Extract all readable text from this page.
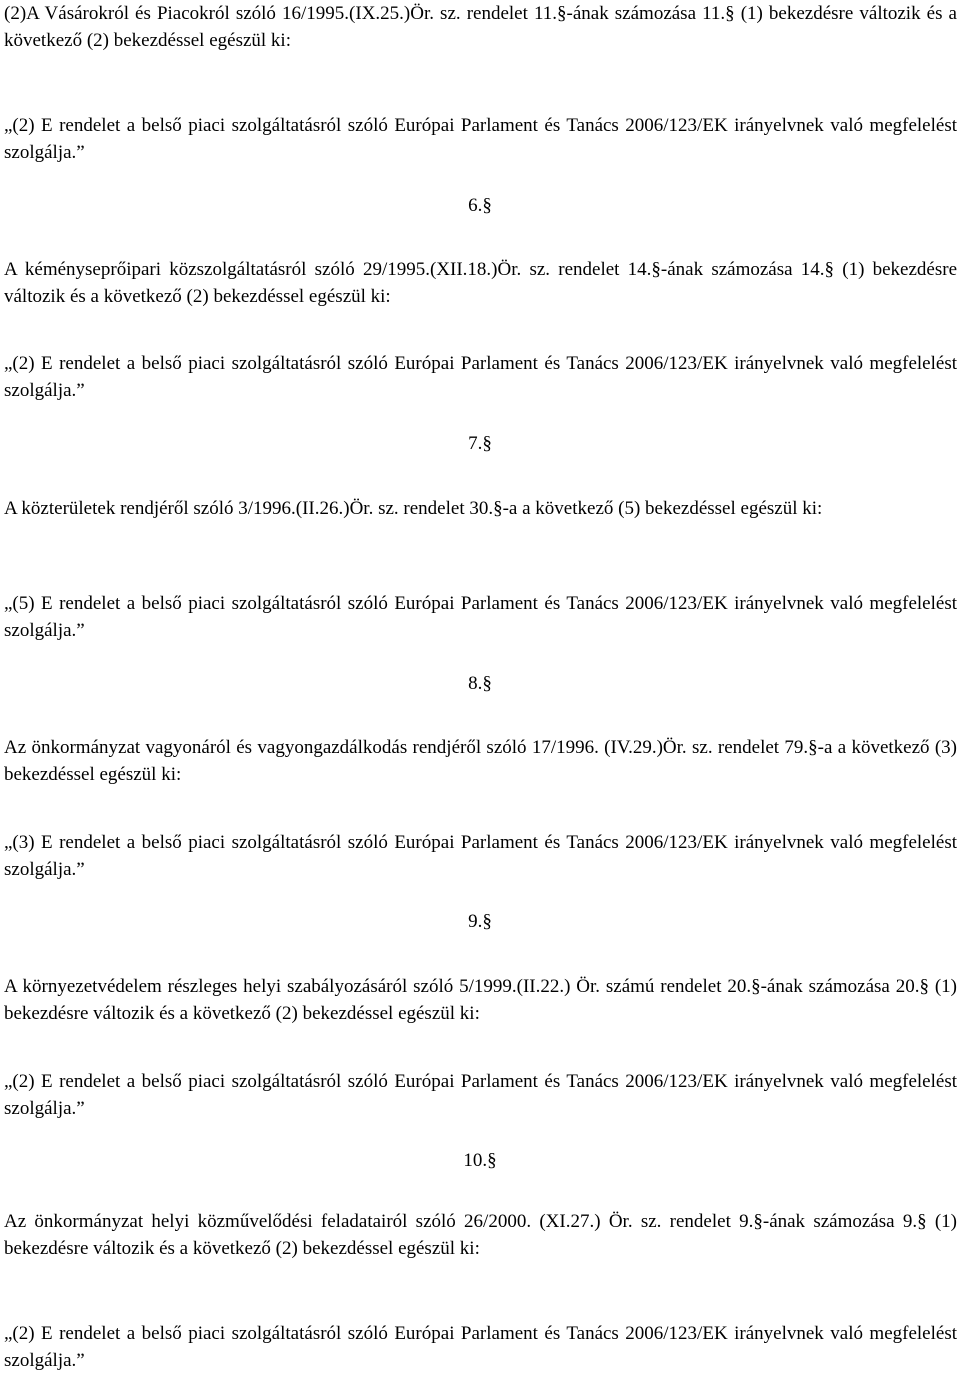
(2)A Vásárokról és Piacokról szóló 16/1995.(IX.25.)Ör. sz. rendelet 11.§-ának számozása 11.§ (1) bekezdésre változik és a következő (2) bekezdéssel egészül ki:

„(2) E rendelet a belső piaci szolgáltatásról szóló Európai Parlament és Tanács 2006/123/EK irányelvnek való megfelelést szolgálja.”

6.§

A kéményseprőipari közszolgáltatásról szóló 29/1995.(XII.18.)Ör. sz. rendelet 14.§-ának számozása 14.§ (1) bekezdésre változik és a következő (2) bekezdéssel egészül ki:

„(2) E rendelet a belső piaci szolgáltatásról szóló Európai Parlament és Tanács 2006/123/EK irányelvnek való megfelelést szolgálja.”

7.§

A közterületek rendjéről szóló 3/1996.(II.26.)Ör. sz. rendelet 30.§-a a következő (5) bekezdéssel egészül ki:

„(5) E rendelet a belső piaci szolgáltatásról szóló Európai Parlament és Tanács 2006/123/EK irányelvnek való megfelelést szolgálja.”

8.§

Az önkormányzat vagyonáról és vagyongazdálkodás rendjéről szóló 17/1996. (IV.29.)Ör. sz. rendelet 79.§-a a következő (3) bekezdéssel egészül ki:

„(3) E rendelet a belső piaci szolgáltatásról szóló Európai Parlament és Tanács 2006/123/EK irányelvnek való megfelelést szolgálja.”

9.§

A környezetvédelem részleges helyi szabályozásáról szóló 5/1999.(II.22.) Ör. számú rendelet 20.§-ának számozása 20.§ (1) bekezdésre változik és a következő (2) bekezdéssel egészül ki:

„(2) E rendelet a belső piaci szolgáltatásról szóló Európai Parlament és Tanács 2006/123/EK irányelvnek való megfelelést szolgálja.”

10.§

Az önkormányzat helyi közművelődési feladatairól szóló 26/2000. (XI.27.) Ör. sz. rendelet 9.§-ának számozása 9.§ (1) bekezdésre változik és a következő (2) bekezdéssel egészül ki:

„(2) E rendelet a belső piaci szolgáltatásról szóló Európai Parlament és Tanács 2006/123/EK irányelvnek való megfelelést szolgálja.”
